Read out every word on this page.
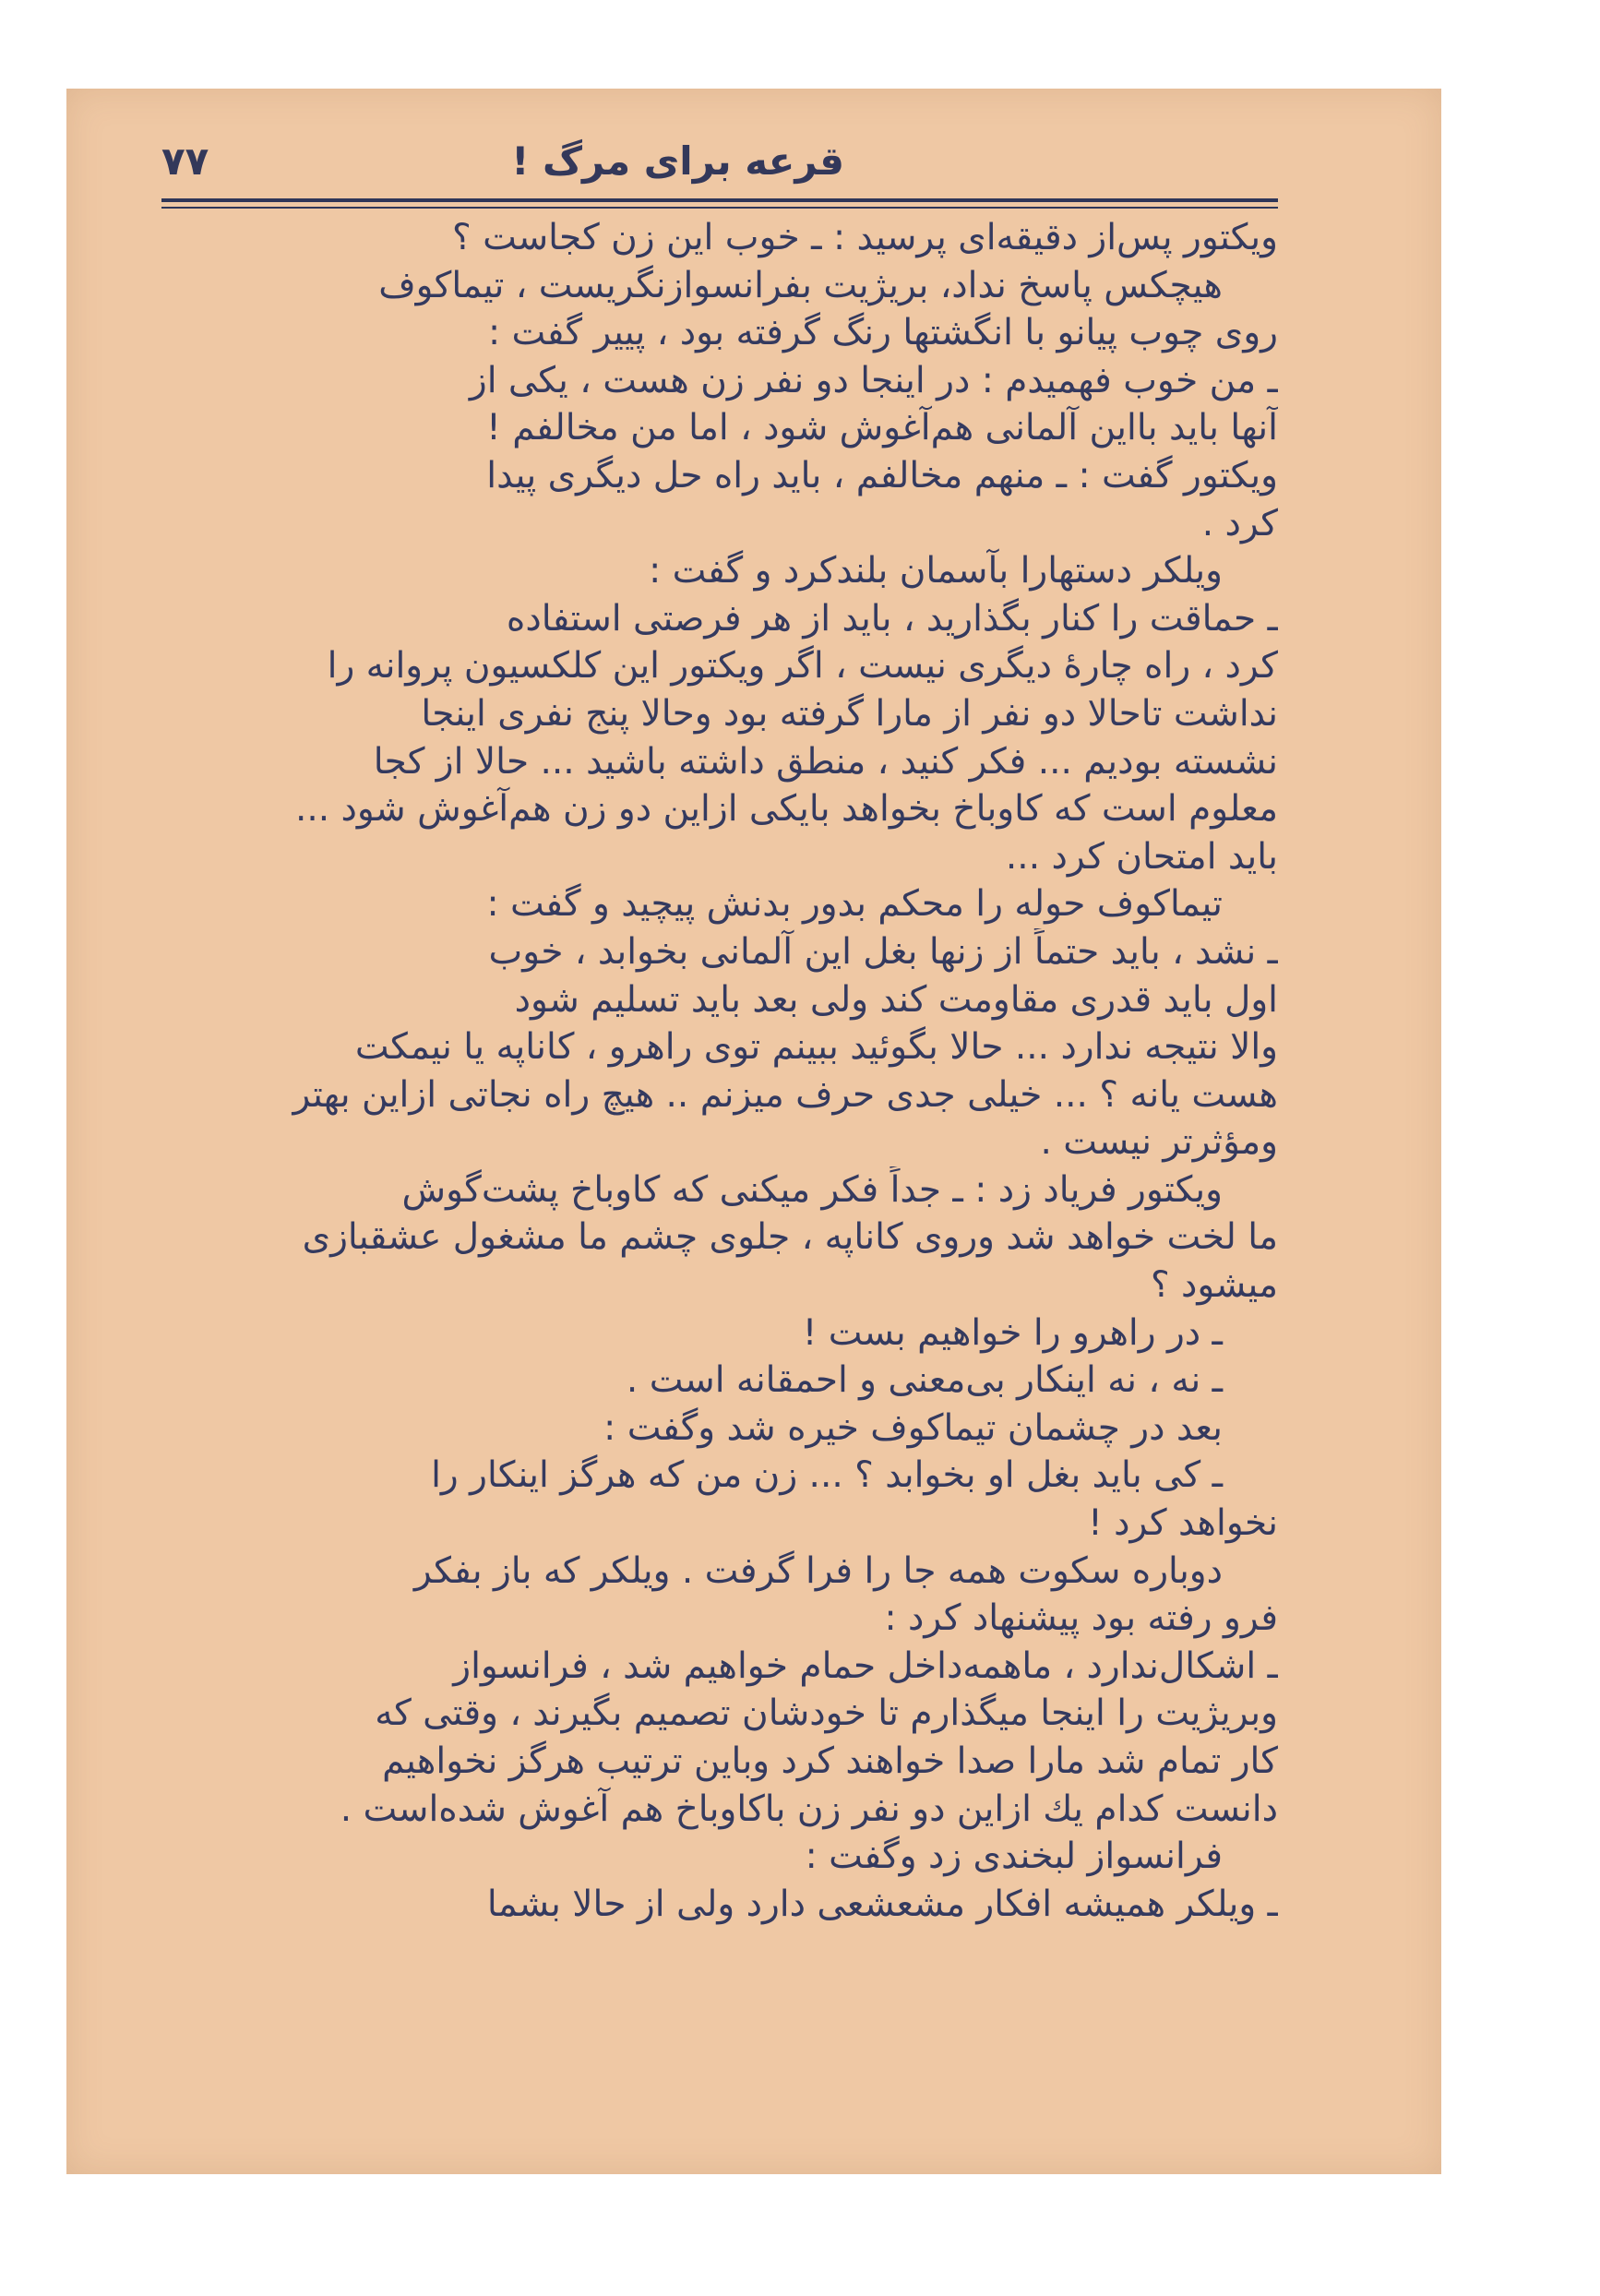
قرعه برای مرگ !
۷۷
ویکتور پس‌از دقیقه‌ای پرسید : ـ خوب این زن کجاست ؟
هیچکس پاسخ نداد، بریژیت بفرانسوازنگریست ، تیماکوف
روی چوب پیانو با انگشتها رنگ گرفته بود ، پییر گفت :
ـ من خوب فهمیدم : در اینجا دو نفر زن هست ، یکی از
آنها باید بااین آلمانی هم‌آغوش شود ، اما من مخالفم !
ویکتور گفت : ـ منهم مخالفم ، باید راه حل دیگری پیدا
کرد .
ویلکر دستهارا بآسمان بلندکرد و گفت :
ـ حماقت را کنار بگذارید ، باید از هر فرصتی استفاده
کرد ، راه چارهٔ دیگری نیست ، اگر ویکتور این کلکسیون پروانه را
نداشت تاحالا دو نفر از مارا گرفته بود وحالا پنج نفری اینجا
نشسته بودیم ... فکر کنید ، منطق داشته باشید ... حالا از کجا
معلوم است که کاوباخ بخواهد بایکی ازاین دو زن هم‌آغوش شود ...
باید امتحان کرد ...
تیماکوف حوله را محکم بدور بدنش پیچید و گفت :
ـ نشد ، باید حتماً از زنها بغل این آلمانی بخوابد ، خوب
اول باید قدری مقاومت کند ولی بعد باید تسلیم شود
والا نتیجه ندارد ... حالا بگوئید ببینم توی راهرو ، کاناپه یا نیمکت
هست یانه ؟ ... خیلی جدی حرف میزنم .. هیچ راه نجاتی ازاین بهتر
ومؤثرتر نیست .
ویکتور فریاد زد : ـ جداً فکر میکنی که کاوباخ پشت‌گوش
ما لخت خواهد شد وروی کاناپه ، جلوی چشم ما مشغول عشقبازی
میشود ؟
ـ در راهرو را خواهیم بست !
ـ نه ، نه اینکار بی‌معنی و احمقانه است .
بعد در چشمان تیماکوف خیره شد وگفت :
ـ کی باید بغل او بخوابد ؟ ... زن من که هرگز اینکار را
نخواهد کرد !
دوباره سکوت همه جا را فرا گرفت . ویلکر که باز بفکر
فرو رفته بود پیشنهاد کرد :
ـ اشکال‌ندارد ، ماهمه‌داخل حمام خواهیم شد ، فرانسواز
وبریژیت را اینجا میگذارم تا خودشان تصمیم بگیرند ، وقتی که
کار تمام شد مارا صدا خواهند کرد وباین ترتیب هرگز نخواهیم
دانست کدام یك ازاین دو نفر زن باکاوباخ هم آغوش شده‌است .
فرانسواز لبخندی زد وگفت :
ـ ویلکر همیشه افکار مشعشعی دارد ولی از حالا بشما
